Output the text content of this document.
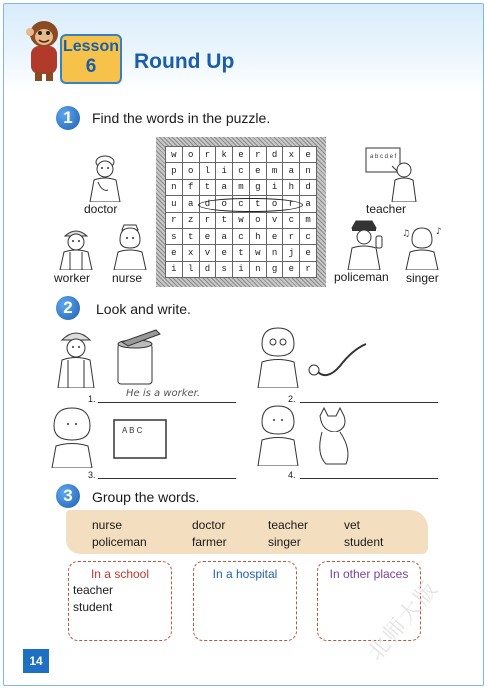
Lesson
6	Round Up
1	Find the words in the puzzle.
doctor
worker nurse
w	o	r	k	e	r	d	x	e
p	o	l	i	c	e	m	a	n
n	f	t	a	m	g	i	h	d
u	a	d	o	c	t	o	r	a
r	z	r	t	w	o	v	c	m
s	t	e	a	c	h	e	r	c
e	x	v	e	t	w	n	j	e
i	l	d	s	i	n	g	e	r
a b c d e f
teacher
policeman
♪
♫
singer
2	Look and write.
1.	He is a worker.	2.
A B C
3.	4.
3	Group the words.
nurse	doctor	teacher	vet
policeman	farmer	singer	student
In a school
teacher
student
In a hospital	In other places
14	北师大版
